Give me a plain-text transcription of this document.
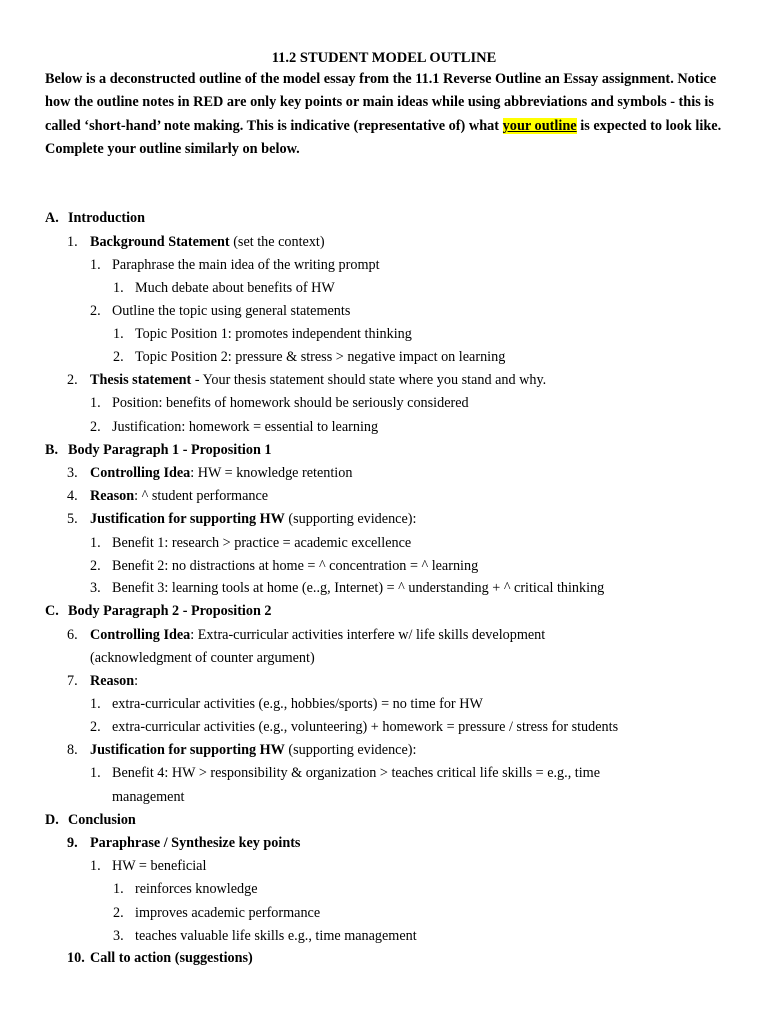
11.2 STUDENT MODEL OUTLINE
Below is a deconstructed outline of the model essay from the 11.1 Reverse Outline an Essay assignment. Notice how the outline notes in RED are only key points or main ideas while using abbreviations and symbols - this is called ‘short-hand’ note making. This is indicative (representative of) what your outline is expected to look like. Complete your outline similarly on below.
A. Introduction
1. Background Statement (set the context)
1. Paraphrase the main idea of the writing prompt
1. Much debate about benefits of HW
2. Outline the topic using general statements
1. Topic Position 1: promotes independent thinking
2. Topic Position 2: pressure & stress > negative impact on learning
2. Thesis statement - Your thesis statement should state where you stand and why.
1. Position: benefits of homework should be seriously considered
2. Justification: homework = essential to learning
B. Body Paragraph 1 - Proposition 1
3. Controlling Idea: HW = knowledge retention
4. Reason: ^ student performance
5. Justification for supporting HW (supporting evidence):
1. Benefit 1: research > practice = academic excellence
2. Benefit 2: no distractions at home = ^ concentration = ^ learning
3. Benefit 3: learning tools at home (e..g, Internet) = ^ understanding + ^ critical thinking
C. Body Paragraph 2 - Proposition 2
6. Controlling Idea: Extra-curricular activities interfere w/ life skills development
(acknowledgment of counter argument)
7. Reason:
1. extra-curricular activities (e.g., hobbies/sports) = no time for HW
2. extra-curricular activities (e.g., volunteering) + homework = pressure / stress for students
8. Justification for supporting HW (supporting evidence):
1. Benefit 4: HW > responsibility & organization > teaches critical life skills = e.g., time
management
D. Conclusion
9. Paraphrase / Synthesize key points
1. HW = beneficial
1. reinforces knowledge
2. improves academic performance
3. teaches valuable life skills e.g., time management
10. Call to action (suggestions)
